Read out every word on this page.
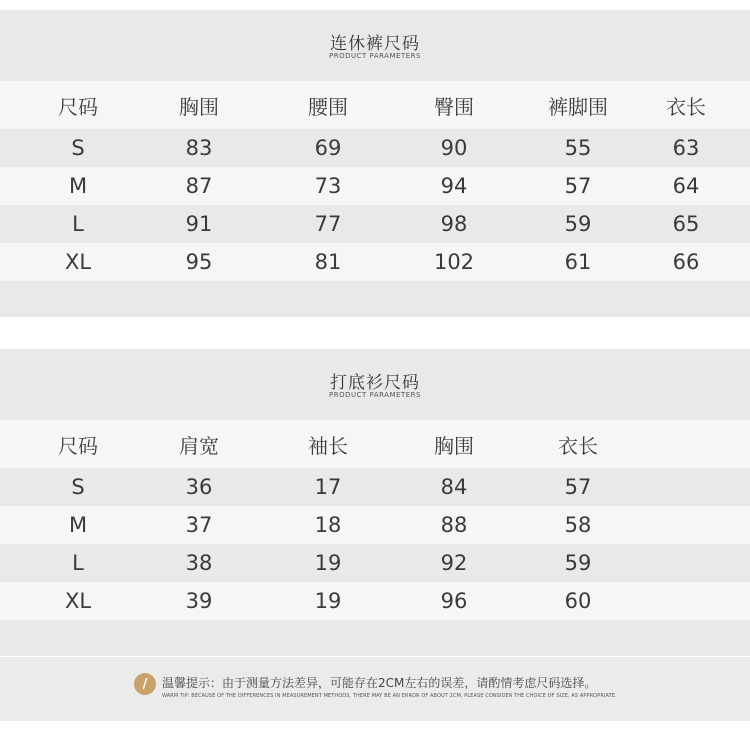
连休裤尺码
PRODUCT PARAMETERS
尺码	胸围	腰围	臀围	裤脚围	衣长
S	83	69	90	55	63
M	87	73	94	57	64
L	91	77	98	59	65
XL	95	81	102	61	66
打底衫尺码
PRODUCT PARAMETERS
尺码	肩宽	袖长	胸围	衣长
S	36	17	84	57
M	37	18	88	58
L	38	19	92	59
XL	39	19	96	60
/	温馨提示：由于测量方法差异，可能存在2CM左右的误差，请酌情考虑尺码选择。
WARM TIP: BECAUSE OF THE DIFFERENCES IN MEASUREMENT METHODS, THERE MAY BE AN ERROR OF ABOUT 2CM, PLEASE CONSIDER THE CHOICE OF SIZE, AS APPROPRIATE.
